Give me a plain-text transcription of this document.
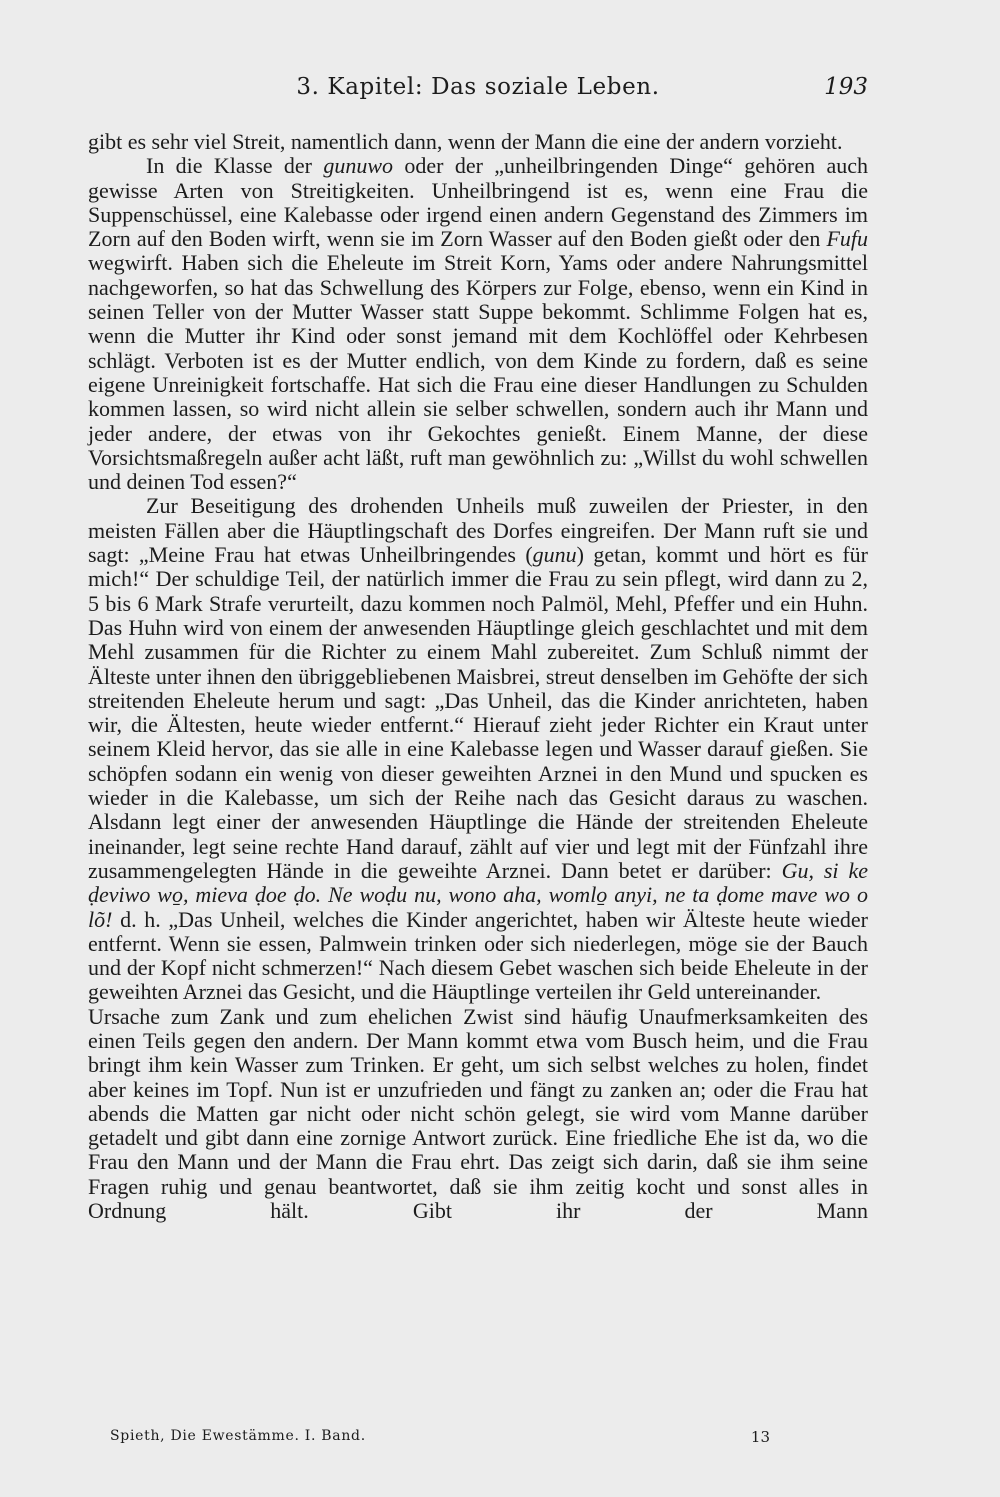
3. Kapitel: Das soziale Leben.	193

gibt es sehr viel Streit, namentlich dann, wenn der Mann die eine der andern vorzieht.

In die Klasse der gunuwo oder der „unheilbringenden Dinge“ gehören auch gewisse Arten von Streitigkeiten. Unheilbringend ist es, wenn eine Frau die Suppenschüssel, eine Kalebasse oder irgend einen andern Gegenstand des Zimmers im Zorn auf den Boden wirft, wenn sie im Zorn Wasser auf den Boden gießt oder den Fufu wegwirft. Haben sich die Eheleute im Streit Korn, Yams oder andere Nahrungsmittel nachgeworfen, so hat das Schwellung des Körpers zur Folge, ebenso, wenn ein Kind in seinen Teller von der Mutter Wasser statt Suppe bekommt. Schlimme Folgen hat es, wenn die Mutter ihr Kind oder sonst jemand mit dem Kochlöffel oder Kehrbesen schlägt. Verboten ist es der Mutter endlich, von dem Kinde zu fordern, daß es seine eigene Unreinigkeit fortschaffe. Hat sich die Frau eine dieser Handlungen zu Schulden kommen lassen, so wird nicht allein sie selber schwellen, sondern auch ihr Mann und jeder andere, der etwas von ihr Gekochtes genießt. Einem Manne, der diese Vorsichtsmaßregeln außer acht läßt, ruft man gewöhnlich zu: „Willst du wohl schwellen und deinen Tod essen?“

Zur Beseitigung des drohenden Unheils muß zuweilen der Priester, in den meisten Fällen aber die Häuptlingschaft des Dorfes eingreifen. Der Mann ruft sie und sagt: „Meine Frau hat etwas Unheilbringendes (gunu) getan, kommt und hört es für mich!“ Der schuldige Teil, der natürlich immer die Frau zu sein pflegt, wird dann zu 2, 5 bis 6 Mark Strafe verurteilt, dazu kommen noch Palmöl, Mehl, Pfeffer und ein Huhn. Das Huhn wird von einem der anwesenden Häuptlinge gleich geschlachtet und mit dem Mehl zusammen für die Richter zu einem Mahl zubereitet. Zum Schluß nimmt der Älteste unter ihnen den übriggebliebenen Maisbrei, streut denselben im Gehöfte der sich streitenden Eheleute herum und sagt: „Das Unheil, das die Kinder anrichteten, haben wir, die Ältesten, heute wieder entfernt.“ Hierauf zieht jeder Richter ein Kraut unter seinem Kleid hervor, das sie alle in eine Kalebasse legen und Wasser darauf gießen. Sie schöpfen sodann ein wenig von dieser geweihten Arznei in den Mund und spucken es wieder in die Kalebasse, um sich der Reihe nach das Gesicht daraus zu waschen. Alsdann legt einer der anwesenden Häuptlinge die Hände der streitenden Eheleute ineinander, legt seine rechte Hand darauf, zählt auf vier und legt mit der Fünfzahl ihre zusammengelegten Hände in die geweihte Arznei. Dann betet er darüber: Gu, si ke ḍeviwo wo̱, mieva ḍoe ḍo. Ne woḍu nu, wono aha, womlo̱ anyi, ne ta ḍome mave wo o lõ! d. h. „Das Unheil, welches die Kinder angerichtet, haben wir Älteste heute wieder entfernt. Wenn sie essen, Palmwein trinken oder sich niederlegen, möge sie der Bauch und der Kopf nicht schmerzen!“ Nach diesem Gebet waschen sich beide Eheleute in der geweihten Arznei das Gesicht, und die Häuptlinge verteilen ihr Geld untereinander.

Ursache zum Zank und zum ehelichen Zwist sind häufig Unaufmerksamkeiten des einen Teils gegen den andern. Der Mann kommt etwa vom Busch heim, und die Frau bringt ihm kein Wasser zum Trinken. Er geht, um sich selbst welches zu holen, findet aber keines im Topf. Nun ist er unzufrieden und fängt zu zanken an; oder die Frau hat abends die Matten gar nicht oder nicht schön gelegt, sie wird vom Manne darüber getadelt und gibt dann eine zornige Antwort zurück. Eine friedliche Ehe ist da, wo die Frau den Mann und der Mann die Frau ehrt. Das zeigt sich darin, daß sie ihm seine Fragen ruhig und genau beantwortet, daß sie ihm zeitig kocht und sonst alles in Ordnung hält. Gibt ihr der Mann

Spieth, Die Ewestämme. I. Band.	13
